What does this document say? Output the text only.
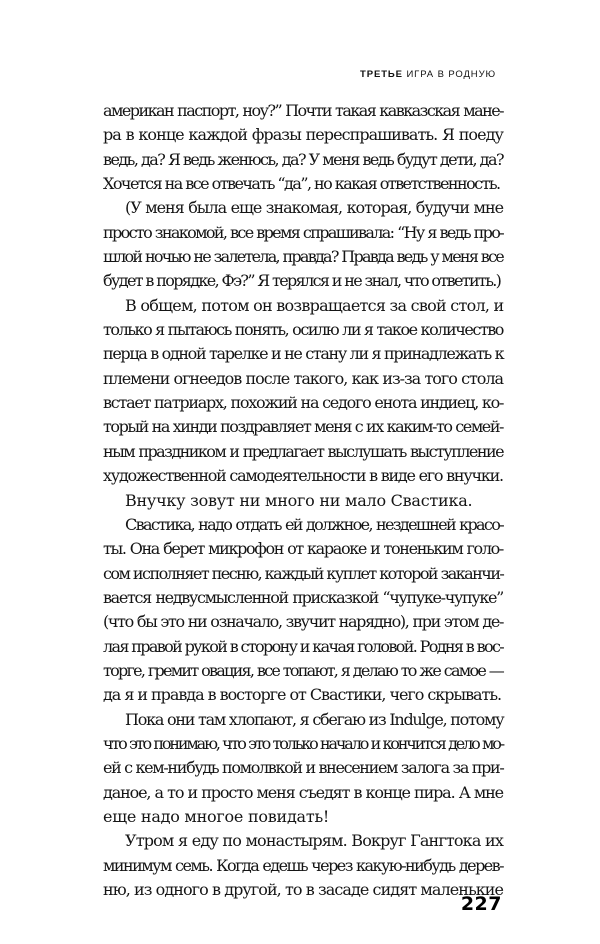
ТРЕТЬЕ ИГРА В РОДНУЮ
американ паспорт, ноу?” Почти такая кавказская мане-
ра в конце каждой фразы переспрашивать. Я поеду
ведь, да? Я ведь женюсь, да? У меня ведь будут дети, да?
Хочется на все отвечать “да”, но какая ответственность.
(У меня была еще знакомая, которая, будучи мне
просто знакомой, все время спрашивала: “Ну я ведь про-
шлой ночью не залетела, правда? Правда ведь у меня все
будет в порядке, Фэ?” Я терялся и не знал, что ответить.)
В общем, потом он возвращается за свой стол, и
только я пытаюсь понять, осилю ли я такое количество
перца в одной тарелке и не стану ли я принадлежать к
племени огнеедов после такого, как из-за того стола
встает патриарх, похожий на седого енота индиец, ко-
торый на хинди поздравляет меня с их каким-то семей-
ным праздником и предлагает выслушать выступление
художественной самодеятельности в виде его внучки.
Внучку зовут ни много ни мало Свастика.
Свастика, надо отдать ей должное, нездешней красо-
ты. Она берет микрофон от караоке и тоненьким голо-
сом исполняет песню, каждый куплет которой заканчи-
вается недвусмысленной присказкой “чупуке-чупуке”
(что бы это ни означало, звучит нарядно), при этом де-
лая правой рукой в сторону и качая головой. Родня в вос-
торге, гремит овация, все топают, я делаю то же самое —
да я и правда в восторге от Свастики, чего скрывать.
Пока они там хлопают, я сбегаю из Indulge, потому
что это понимаю, что это только начало и кончится дело мо-
ей с кем-нибудь помолвкой и внесением залога за при-
даное, а то и просто меня съедят в конце пира. А мне
еще надо многое повидать!
Утром я еду по монастырям. Вокруг Гангтока их
минимум семь. Когда едешь через какую-нибудь дерев-
ню, из одного в другой, то в засаде сидят маленькие
227
